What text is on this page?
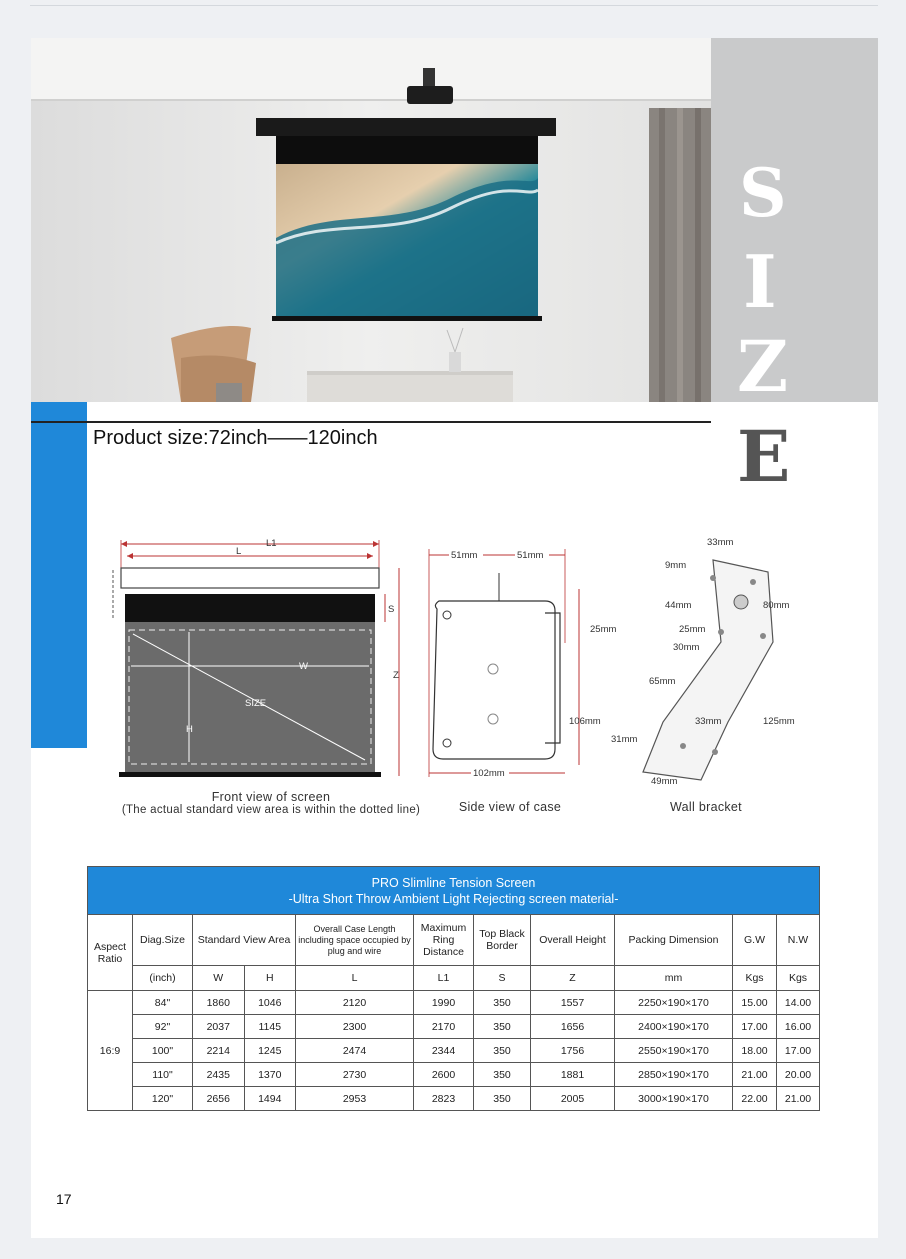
S
I
Z
E
Product size:72inch——120inch
L1
L
W
H
SIZE
S
Z
Front view of screen
(The actual standard view area is within the dotted line)
51mm	51mm
25mm
106mm
102mm
Side view of case
33mm
9mm
44mm	80mm
25mm
30mm
65mm
33mm	125mm
31mm
49mm
Wall bracket
PRO Slimline Tension Screen
-Ultra Short Throw Ambient Light Rejecting screen material-										

Aspect Ratio	Diag.Size	Standard View Area		Overall Case Length including space occupied by plug and wire	Maximum Ring Distance	Top Black Border	Overall Height	Packing Dimension	G.W	N.W
	(inch)	W	H	L	L1	S	Z	mm	Kgs	Kgs
16:9	84"	1860	1046	2120	1990	350	1557	2250×190×170	15.00	14.00
	92"	2037	1145	2300	2170	350	1656	2400×190×170	17.00	16.00
	100"	2214	1245	2474	2344	350	1756	2550×190×170	18.00	17.00
	110"	2435	1370	2730	2600	350	1881	2850×190×170	21.00	20.00
	120"	2656	1494	2953	2823	350	2005	3000×190×170	22.00	21.00
17
